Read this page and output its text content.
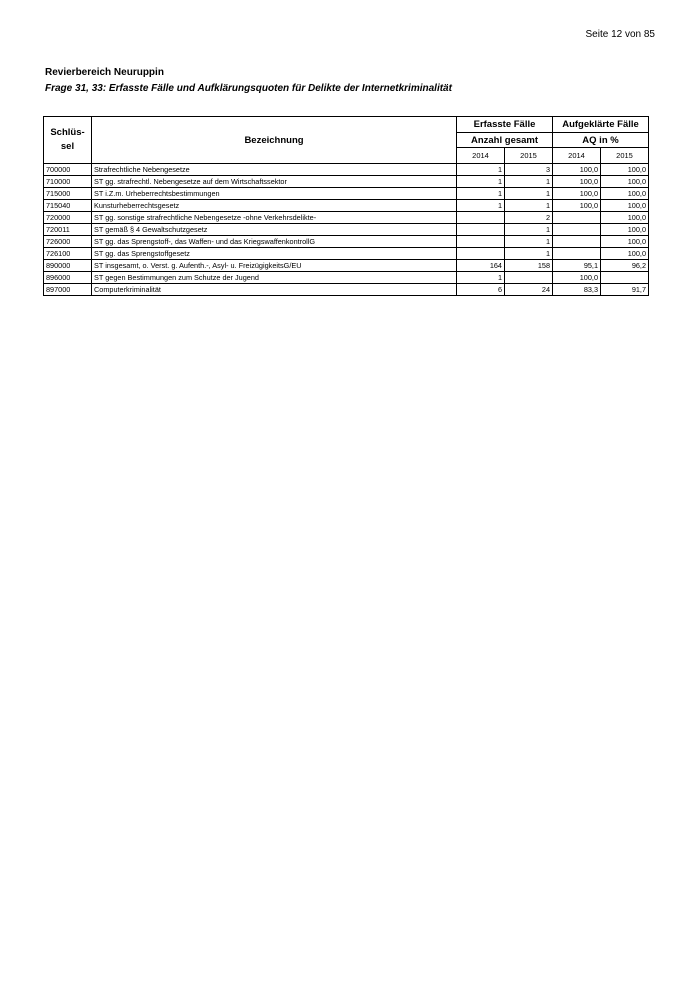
Seite 12 von 85
Revierbereich Neuruppin
Frage 31, 33: Erfasste Fälle und Aufklärungsquoten für Delikte der Internetkriminalität
Schlüs-sel	Bezeichnung	Erfasste Fälle		Aufgeklärte Fälle	
		Anzahl gesamt		AQ in %	
		2014	2015	2014	2015
700000	Strafrechtliche Nebengesetze	1	3	100,0	100,0
710000	ST gg. strafrechtl. Nebengesetze auf dem Wirtschaftssektor	1	1	100,0	100,0
715000	ST i.Z.m. Urheberrechtsbestimmungen	1	1	100,0	100,0
715040	Kunsturheberrechtsgesetz	1	1	100,0	100,0
720000	ST gg. sonstige strafrechtliche Nebengesetze -ohne Verkehrsdelikte-		2		100,0
720011	ST gemäß § 4 Gewaltschutzgesetz		1		100,0
726000	ST gg. das Sprengstoff-, das Waffen- und das KriegswaffenkontrollG		1		100,0
726100	ST gg. das Sprengstoffgesetz		1		100,0
890000	ST insgesamt, o. Verst. g. Aufenth.-, Asyl- u. FreizügigkeitsG/EU	164	158	95,1	96,2
896000	ST gegen Bestimmungen zum Schutze der Jugend	1		100,0	
897000	Computerkriminalität	6	24	83,3	91,7
